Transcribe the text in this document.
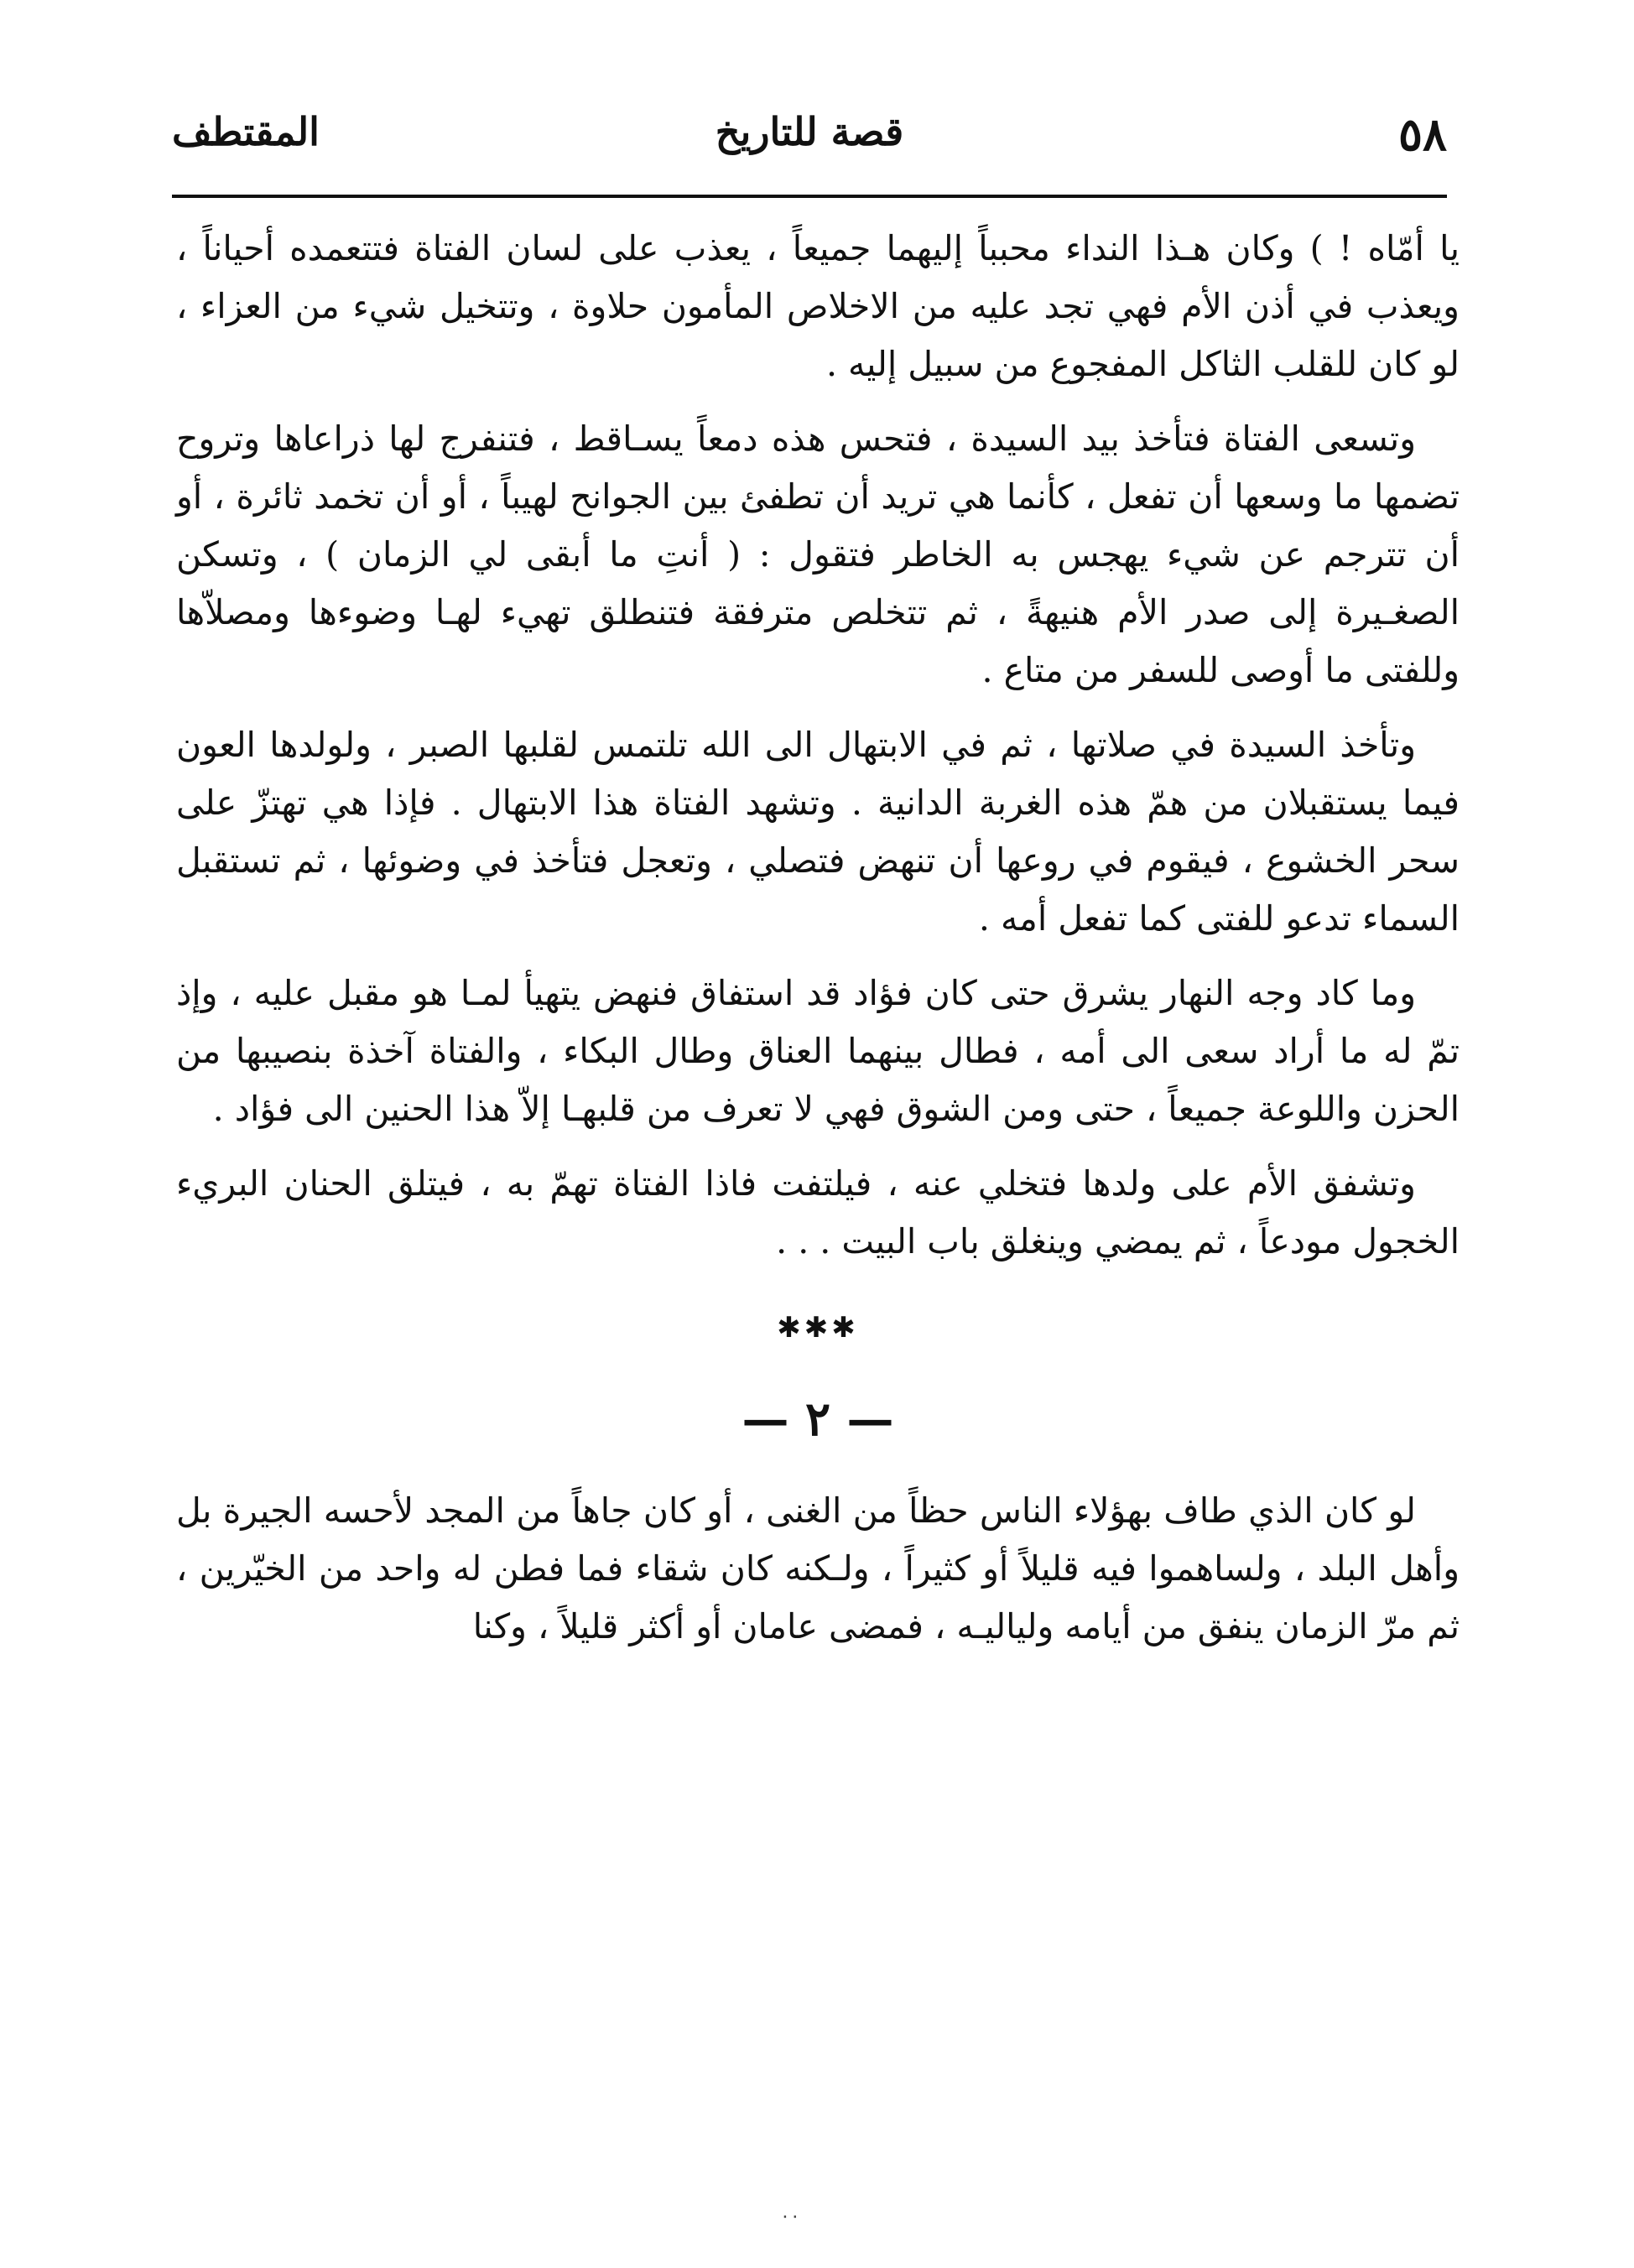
٥٨
قصة للتاريخ
المقتطف

يا أمّاه ! ) وكان هـذا النداء محبباً إليهما جميعاً ، يعذب على لسان الفتاة فتتعمده أحياناً ، ويعذب في أذن الأم فهي تجد عليه من الاخلاص المأمون حلاوة ، وتتخيل شيء من العزاء ، لو كان للقلب الثاكل المفجوع من سبيل إليه .

وتسعى الفتاة فتأخذ بيد السيدة ، فتحس هذه دمعاً يسـاقط ، فتنفرج لها ذراعاها وتروح تضمها ما وسعها أن تفعل ، كأنما هي تريد أن تطفئ بين الجوانح لهيباً ، أو أن تخمد ثائرة ، أو أن تترجم عن شيء يهجس به الخاطر فتقول : ( أنتِ ما أبقى لي الزمان ) ، وتسكن الصغـيرة إلى صدر الأم هنيهةً ، ثم تتخلص مترفقة فتنطلق تهيء لهـا وضوءها ومصلاّها وللفتى ما أوصى للسفر من متاع .

وتأخذ السيدة في صلاتها ، ثم في الابتهال الى الله تلتمس لقلبها الصبر ، ولولدها العون فيما يستقبلان من همّ هذه الغربة الدانية . وتشهد الفتاة هذا الابتهال . فإذا هي تهتزّ على سحر الخشوع ، فيقوم في روعها أن تنهض فتصلي ، وتعجل فتأخذ في وضوئها ، ثم تستقبل السماء تدعو للفتى كما تفعل أمه .

وما كاد وجه النهار يشرق حتى كان فؤاد قد استفاق فنهض يتهيأ لمـا هو مقبل عليه ، وإذ تمّ له ما أراد سعى الى أمه ، فطال بينهما العناق وطال البكاء ، والفتاة آخذة بنصيبها من الحزن واللوعة جميعاً ، حتى ومن الشوق فهي لا تعرف من قلبهـا إلاّ هذا الحنين الى فؤاد .

وتشفق الأم على ولدها فتخلي عنه ، فيلتفت فاذا الفتاة تهمّ به ، فيتلق الحنان البريء الخجول مودعاً ، ثم يمضي وينغلق باب البيت . . .

✱✱✱
— ٢ —

لو كان الذي طاف بهؤلاء الناس حظاً من الغنى ، أو كان جاهاً من المجد لأحسه الجيرة بل وأهل البلد ، ولساهموا فيه قليلاً أو كثيراً ، ولـكنه كان شقاء فما فطن له واحد من الخيّرين ، ثم مرّ الزمان ينفق من أيامه ولياليـه ، فمضى عامان أو أكثر قليلاً ، وكنا

٠٠
